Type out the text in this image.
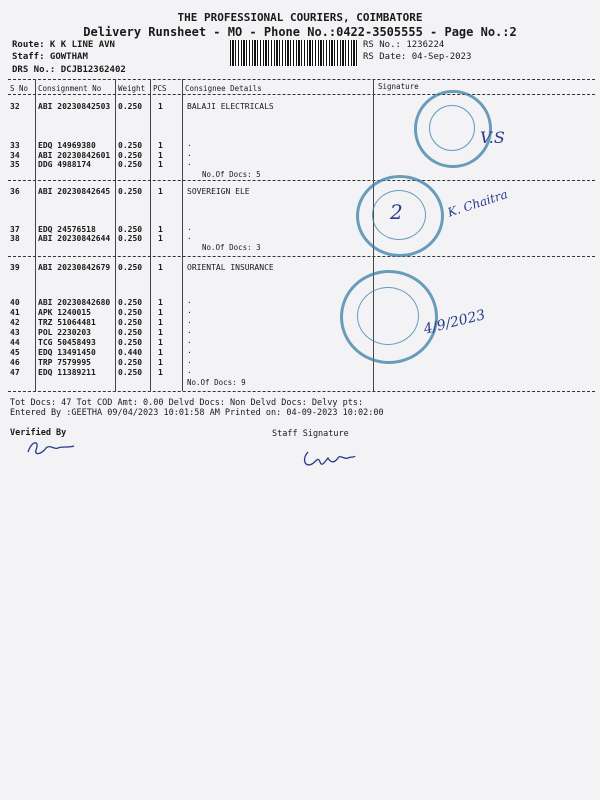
THE PROFESSIONAL COURIERS, COIMBATORE
Delivery Runsheet - MO - Phone No.:0422-3505555 - Page No.:2
Route: K K LINE AVN
Staff: GOWTHAM
DRS No.: DCJB12362402
RS No.: 1236224
RS Date: 04-Sep-2023
S No Consignment No Weight PCS Consignee Details	Signature
32 ABI 20230842503 0.250 1	BALAJI ELECTRICALS
33 EDQ 14969380	0.250 1	.
34 ABI 20230842601 0.250 1	.
35 DDG 4988174	0.250 1	.
No.Of Docs: 5
36 ABI 20230842645 0.250 1	SOVEREIGN ELE
37 EDQ 24576518	0.250 1	.
38 ABI 20230842644 0.250 1	.
No.Of Docs: 3
39 ABI 20230842679 0.250 1	ORIENTAL INSURANCE
40 ABI 20230842680 0.250 1	.
41 APK 1240015	0.250 1	.
42 TRZ 51064481	0.250 1	.
43 POL 2230203	0.250 1	.
44 TCG 50458493	0.250 1	.
45 EDQ 13491450	0.440 1	.
46 TRP 7579995	0.250 1	.
47 EDQ 11389211	0.250 1	.
No.Of Docs: 9
V.S
2	K. Chaitra
4/9/2023
Tot Docs: 47 Tot COD Amt: 0.00 Delvd Docs: Non Delvd Docs: Delvy pts:
Entered By :GEETHA 09/04/2023 10:01:58 AM Printed on: 04-09-2023 10:02:00
Verified By	Staff Signature
